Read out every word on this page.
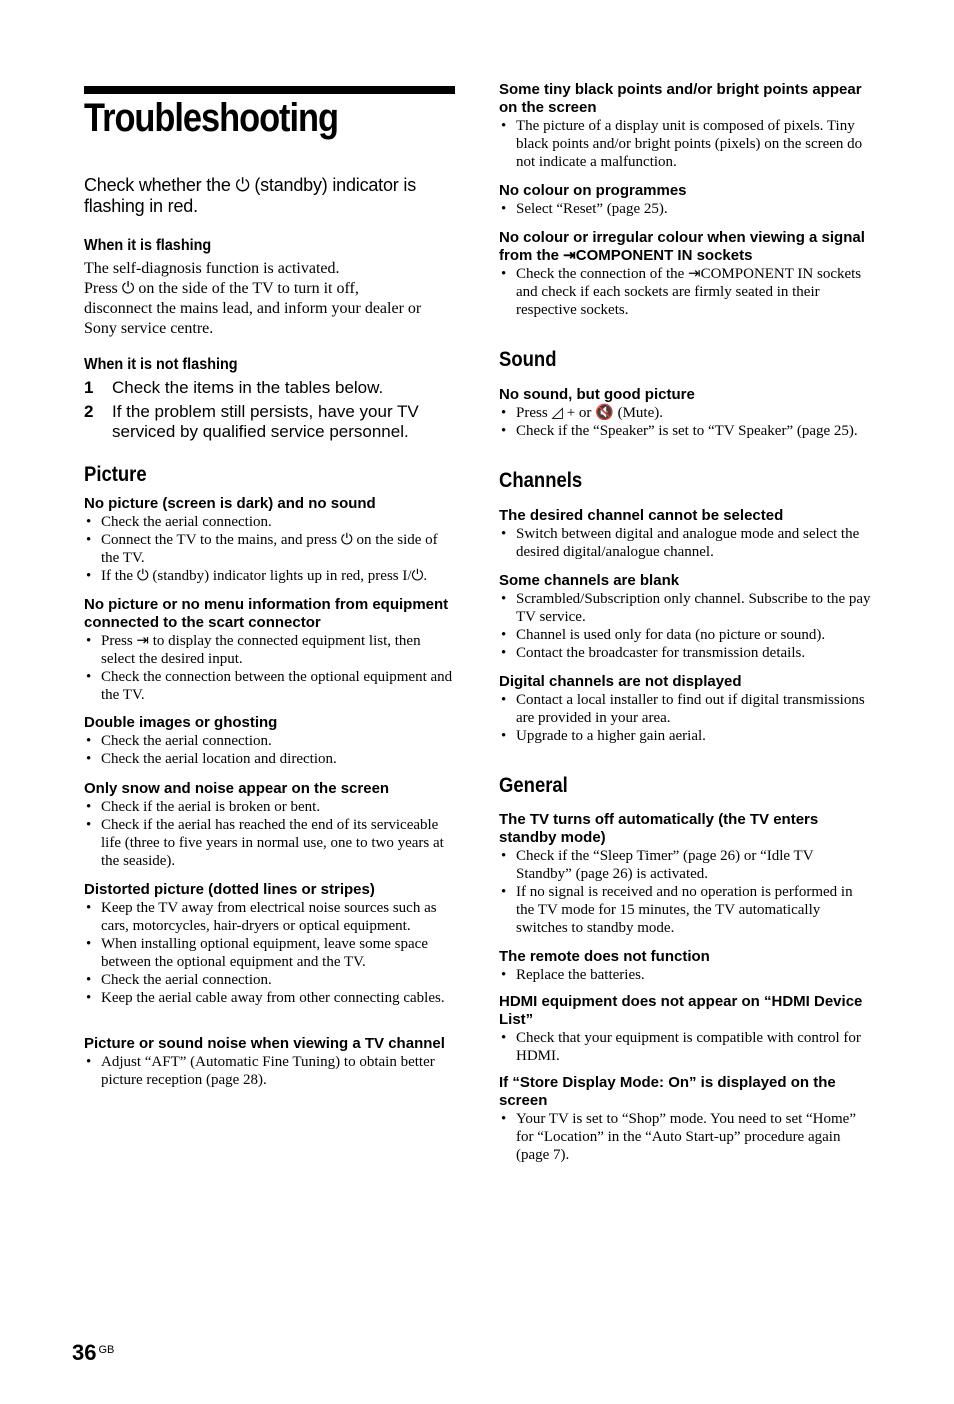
Troubleshooting
Check whether the ⏻ (standby) indicator is flashing in red.
When it is flashing

The self-diagnosis function is activated.

Press ⏻ on the side of the TV to turn it off,

disconnect the mains lead, and inform your dealer or

Sony service centre.

When it is not flashing
1 Check the items in the tables below.
2 If the problem still persists, have your TV serviced by qualified service personnel.
Picture

No picture (screen is dark) and no sound

• Check the aerial connection.
• Connect the TV to the mains, and press ⏻ on the side of the TV.
• If the ⏻ (standby) indicator lights up in red, press I/⏻.

No picture or no menu information from equipment connected to the scart connector

• Press ⇥ to display the connected equipment list, then select the desired input.
• Check the connection between the optional equipment and the TV.

Double images or ghosting

• Check the aerial connection.
• Check the aerial location and direction.

Only snow and noise appear on the screen

• Check if the aerial is broken or bent.
• Check if the aerial has reached the end of its serviceable life (three to five years in normal use, one to two years at the seaside).

Distorted picture (dotted lines or stripes)

• Keep the TV away from electrical noise sources such as cars, motorcycles, hair-dryers or optical equipment.
• When installing optional equipment, leave some space between the optional equipment and the TV.
• Check the aerial connection.
• Keep the aerial cable away from other connecting cables.

Picture or sound noise when viewing a TV channel

• Adjust “AFT” (Automatic Fine Tuning) to obtain better picture reception (page 28).

Some tiny black points and/or bright points appear on the screen

• The picture of a display unit is composed of pixels. Tiny black points and/or bright points (pixels) on the screen do not indicate a malfunction.

No colour on programmes

• Select “Reset” (page 25).

No colour or irregular colour when viewing a signal from the ⇥COMPONENT IN sockets

• Check the connection of the ⇥COMPONENT IN sockets and check if each sockets are firmly seated in their respective sockets.
Sound

No sound, but good picture

• Press ◿ + or 🔇 (Mute).
• Check if the “Speaker” is set to “TV Speaker” (page 25).
Channels

The desired channel cannot be selected

• Switch between digital and analogue mode and select the desired digital/analogue channel.

Some channels are blank

• Scrambled/Subscription only channel. Subscribe to the pay TV service.
• Channel is used only for data (no picture or sound).
• Contact the broadcaster for transmission details.

Digital channels are not displayed

• Contact a local installer to find out if digital transmissions are provided in your area.
• Upgrade to a higher gain aerial.
General

The TV turns off automatically (the TV enters standby mode)

• Check if the “Sleep Timer” (page 26) or “Idle TV Standby” (page 26) is activated.
• If no signal is received and no operation is performed in the TV mode for 15 minutes, the TV automatically switches to standby mode.

The remote does not function

• Replace the batteries.

HDMI equipment does not appear on “HDMI Device List”

• Check that your equipment is compatible with control for HDMI.

If “Store Display Mode: On” is displayed on the screen

• Your TV is set to “Shop” mode. You need to set “Home” for “Location” in the “Auto Start-up” procedure again (page 7).
36 $^{GB}$
